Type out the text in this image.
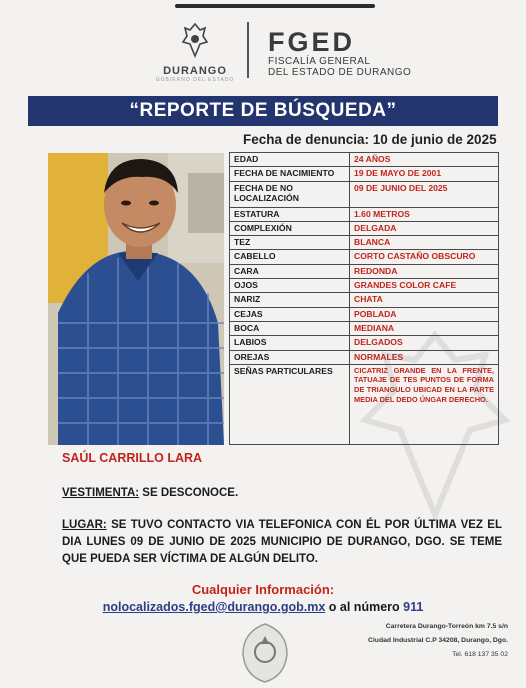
DURANGO
GOBIERNO DEL ESTADO
FGED
FISCALÍA GENERAL
DEL ESTADO DE DURANGO
“REPORTE DE BÚSQUEDA”
Fecha de denuncia: 10 de junio de 2025
EDAD	24 AÑOS
FECHA DE NACIMIENTO	19 DE MAYO DE 2001
FECHA DE NO LOCALIZACIÓN	09 DE JUNIO DEL 2025
ESTATURA	1.60 METROS
COMPLEXIÓN	DELGADA
TEZ	BLANCA
CABELLO	CORTO CASTAÑO OBSCURO
CARA	REDONDA
OJOS	GRANDES COLOR CAFE
NARIZ	CHATA
CEJAS	POBLADA
BOCA	MEDIANA
LABIOS	DELGADOS
OREJAS	NORMALES
SEÑAS PARTICULARES	CICATRIZ GRANDE EN LA FRENTE, TATUAJE DE TES PUNTOS DE FORMA DE TRIANGULO UBICAD EN LA PARTE MEDIA DEL DEDO ÚNGAR DERECHO.
SAÚL CARRILLO LARA
VESTIMENTA: SE DESCONOCE.
LUGAR: SE TUVO CONTACTO VIA TELEFONICA CON ÉL POR ÚLTIMA VEZ EL DIA LUNES 09 DE JUNIO DE 2025 MUNICIPIO DE DURANGO, DGO. SE TEME QUE PUEDA SER VÍCTIMA DE ALGÚN DELITO.
Cualquier Información:
nolocalizados.fged@durango.gob.mx o al número 911
Carretera Durango-Torreón km 7.5 s/n
Ciudad Industrial C.P 34208, Durango, Dgo.
Tel. 618 137 35 02
